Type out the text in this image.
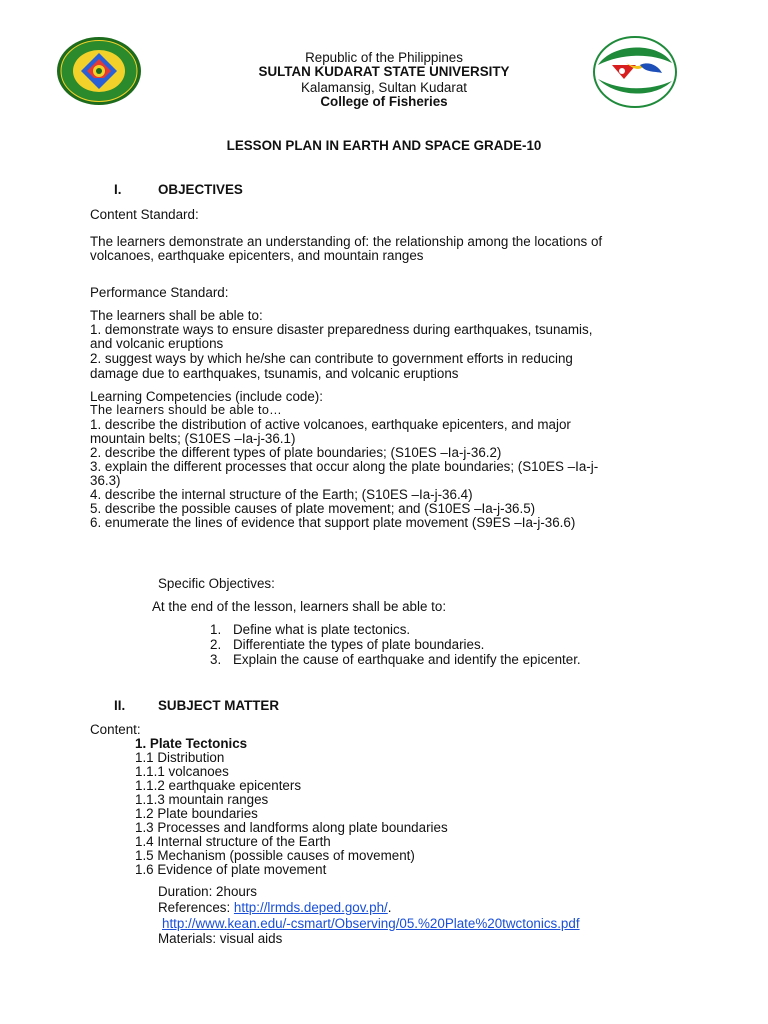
Republic of the Philippines
SULTAN KUDARAT STATE UNIVERSITY
Kalamansig, Sultan Kudarat
College of Fisheries
LESSON PLAN IN EARTH AND SPACE GRADE-10
I.	OBJECTIVES
Content Standard:
The learners demonstrate an understanding of: the relationship among the locations of
volcanoes, earthquake epicenters, and mountain ranges
Performance Standard:
The learners shall be able to:
1. demonstrate ways to ensure disaster preparedness during earthquakes, tsunamis,
and volcanic eruptions
2. suggest ways by which he/she can contribute to government efforts in reducing
damage due to earthquakes, tsunamis, and volcanic eruptions
Learning Competencies (include code):
The learners should be able to…
1. describe the distribution of active volcanoes, earthquake epicenters, and major
mountain belts; (S10ES –Ia-j-36.1)
2. describe the different types of plate boundaries; (S10ES –Ia-j-36.2)
3. explain the different processes that occur along the plate boundaries; (S10ES –Ia-j-
36.3)
4. describe the internal structure of the Earth; (S10ES –Ia-j-36.4)
5. describe the possible causes of plate movement; and (S10ES –Ia-j-36.5)
6. enumerate the lines of evidence that support plate movement (S9ES –Ia-j-36.6)
Specific Objectives:
At the end of the lesson, learners shall be able to:
1. Define what is plate tectonics.
2. Differentiate the types of plate boundaries.
3. Explain the cause of earthquake and identify the epicenter.
II. SUBJECT MATTER
Content:
1. Plate Tectonics
1.1 Distribution
1.1.1 volcanoes
1.1.2 earthquake epicenters
1.1.3 mountain ranges
1.2 Plate boundaries
1.3 Processes and landforms along plate boundaries
1.4 Internal structure of the Earth
1.5 Mechanism (possible causes of movement)
1.6 Evidence of plate movement
Duration: 2hours
References: http://lrmds.deped.gov.ph/.
http://www.kean.edu/-csmart/Observing/05.%20Plate%20twctonics.pdf
Materials: visual aids
